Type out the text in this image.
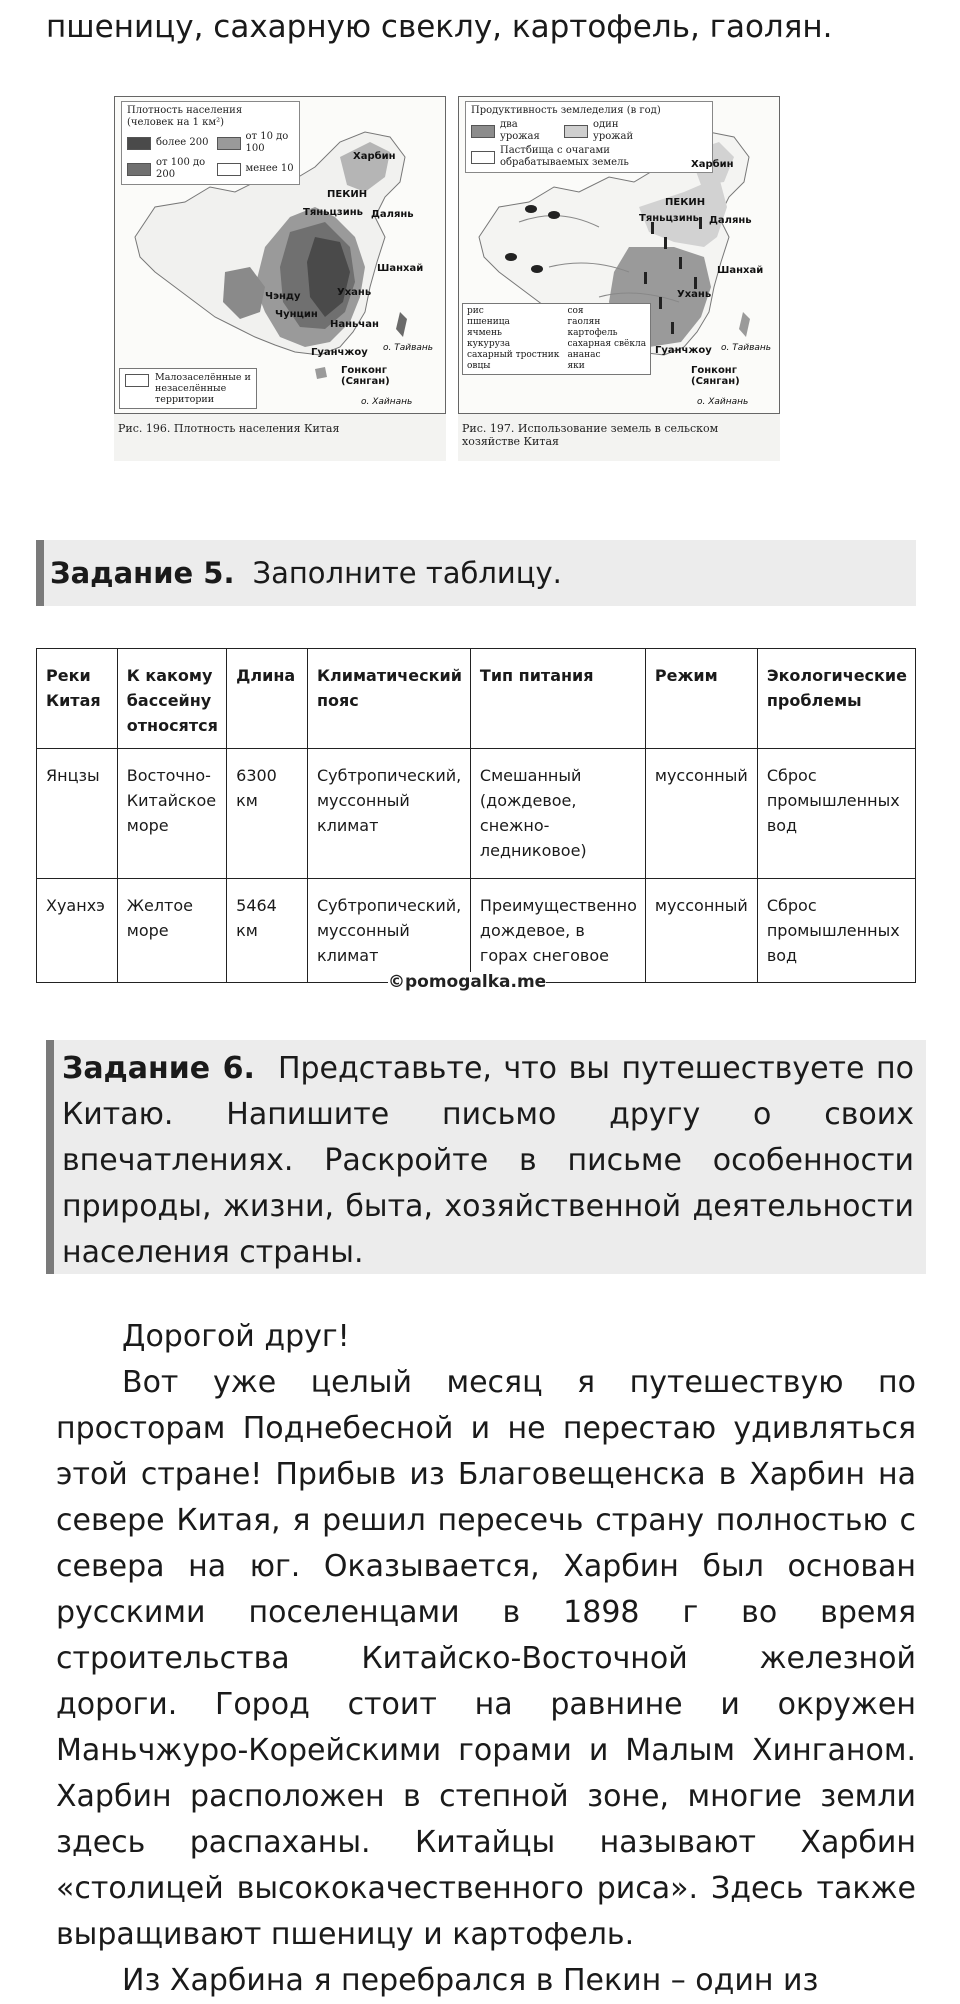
пшеницу, сахарную свеклу, картофель, гаолян.
Плотность населения (человек на 1 км²)
более 200
от 10 до 100
от 100 до 200
менее 10
Харбин
ПЕКИН
Тяньцзинь Далянь
Шанхай
Ухань
Чэнду
Чунцин
Наньчан
Гуанчжоу
Гонконг (Сянган)
о. Тайвань
о. Хайнань
Малозаселённые и незаселённые территории
Рис. 196. Плотность населения Китая
Продуктивность земледелия (в год)
два урожая
один урожай
Пастбища с очагами обрабатываемых земель
рис	соя
пшеница	гаолян
ячмень	картофель
кукуруза	сахарная свёкла
сахарный тростник ананас
овцы	яки
Харбин
ПЕКИН
Тяньцзинь Далянь
Шанхай
Ухань
Гуанчжоу
Гонконг (Сянган)
о. Тайвань
о. Хайнань
Рис. 197. Использование земель в сельском хозяйстве Китая
Задание 5. Заполните таблицу.
Реки Китая	К какому бассейну относятся	Длина	Климатический пояс	Тип питания	Режим	Экологические проблемы
Янцзы	Восточно-Китайское море	6300 км	Субтропический, муссонный климат	Смешанный (дождевое, снежно-ледниковое)	муссонный	Сброс промышленных вод
Хуанхэ	Желтое море	5464 км	Субтропический, муссонный климат	Преимущественно дождевое, в горах снеговое	муссонный	Сброс промышленных вод
©pomogalka.me
Задание 6. Представьте, что вы путешествуете по Китаю. Напишите письмо другу о своих впечатлениях. Раскройте в письме особенности природы, жизни, быта, хозяйственной деятельности населения страны.

Дорогой друг!

Вот уже целый месяц я путешествую по просторам Поднебесной и не перестаю удивляться этой стране! Прибыв из Благовещенска в Харбин на севере Китая, я решил пересечь страну полностью с севера на юг. Оказывается, Харбин был основан русскими поселенцами в 1898 г во время строительства Китайско-Восточной железной дороги. Город стоит на равнине и окружен Маньчжуро-Корейскими горами и Малым Хинганом. Харбин расположен в степной зоне, многие земли здесь распаханы. Китайцы называют Харбин «столицей высококачественного риса». Здесь также выращивают пшеницу и картофель.

Из Харбина я перебрался в Пекин – один из
